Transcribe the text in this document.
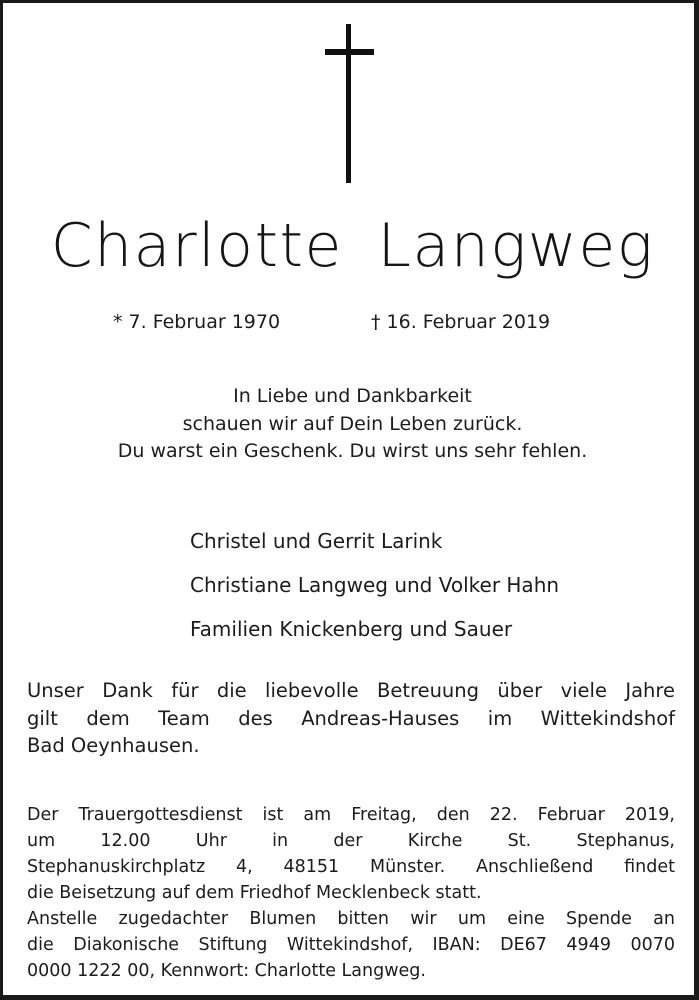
Charlotte Langweg
* 7. Februar 1970	† 16. Februar 2019
In Liebe und Dankbarkeit
schauen wir auf Dein Leben zurück.
Du warst ein Geschenk. Du wirst uns sehr fehlen.
Christel und Gerrit Larink
Christiane Langweg und Volker Hahn
Familien Knickenberg und Sauer
Unser Dank für die liebevolle Betreuung über viele Jahre
gilt dem Team des Andreas-Hauses im Wittekindshof
Bad Oeynhausen.
Der Trauergottesdienst ist am Freitag, den 22. Februar 2019,
um 12.00 Uhr in der Kirche St. Stephanus,
Stephanuskirchplatz 4, 48151 Münster. Anschließend findet
die Beisetzung auf dem Friedhof Mecklenbeck statt.
Anstelle zugedachter Blumen bitten wir um eine Spende an
die Diakonische Stiftung Wittekindshof, IBAN: DE67 4949 0070
0000 1222 00, Kennwort: Charlotte Langweg.
